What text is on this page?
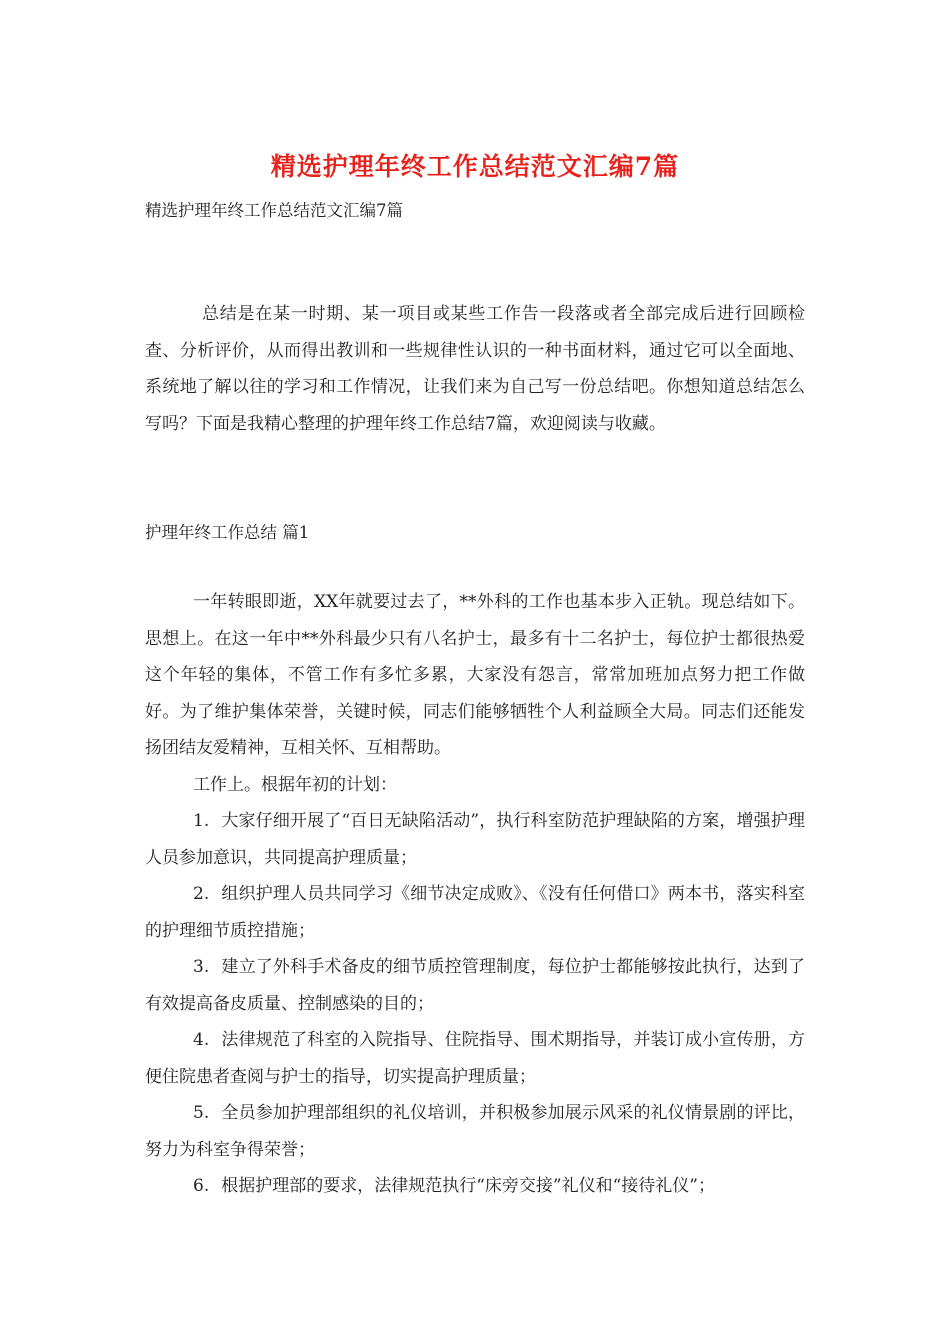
精选护理年终工作总结范文汇编7篇
精选护理年终工作总结范文汇编7篇

总结是在某一时期、某一项目或某些工作告一段落或者全部完成后进行回顾检查、分析评价，从而得出教训和一些规律性认识的一种书面材料，通过它可以全面地、系统地了解以往的学习和工作情况，让我们来为自己写一份总结吧。你想知道总结怎么写吗？下面是我精心整理的护理年终工作总结7篇，欢迎阅读与收藏。

护理年终工作总结 篇1

一年转眼即逝，XX年就要过去了，**外科的工作也基本步入正轨。现总结如下。思想上。在这一年中**外科最少只有八名护士，最多有十二名护士，每位护士都很热爱这个年轻的集体，不管工作有多忙多累，大家没有怨言，常常加班加点努力把工作做好。为了维护集体荣誉，关键时候，同志们能够牺牲个人利益顾全大局。同志们还能发扬团结友爱精神，互相关怀、互相帮助。

工作上。根据年初的计划：

1. 大家仔细开展了“百日无缺陷活动”，执行科室防范护理缺陷的方案，增强护理人员参加意识，共同提高护理质量；
2. 组织护理人员共同学习《细节决定成败》、《没有任何借口》两本书，落实科室的护理细节质控措施；
3. 建立了外科手术备皮的细节质控管理制度，每位护士都能够按此执行，达到了有效提高备皮质量、控制感染的目的；
4. 法律规范了科室的入院指导、住院指导、围术期指导，并装订成小宣传册，方便住院患者查阅与护士的指导，切实提高护理质量；
5. 全员参加护理部组织的礼仪培训，并积极参加展示风采的礼仪情景剧的评比，努力为科室争得荣誉；
6. 根据护理部的要求，法律规范执行“床旁交接”礼仪和“接待礼仪”；
